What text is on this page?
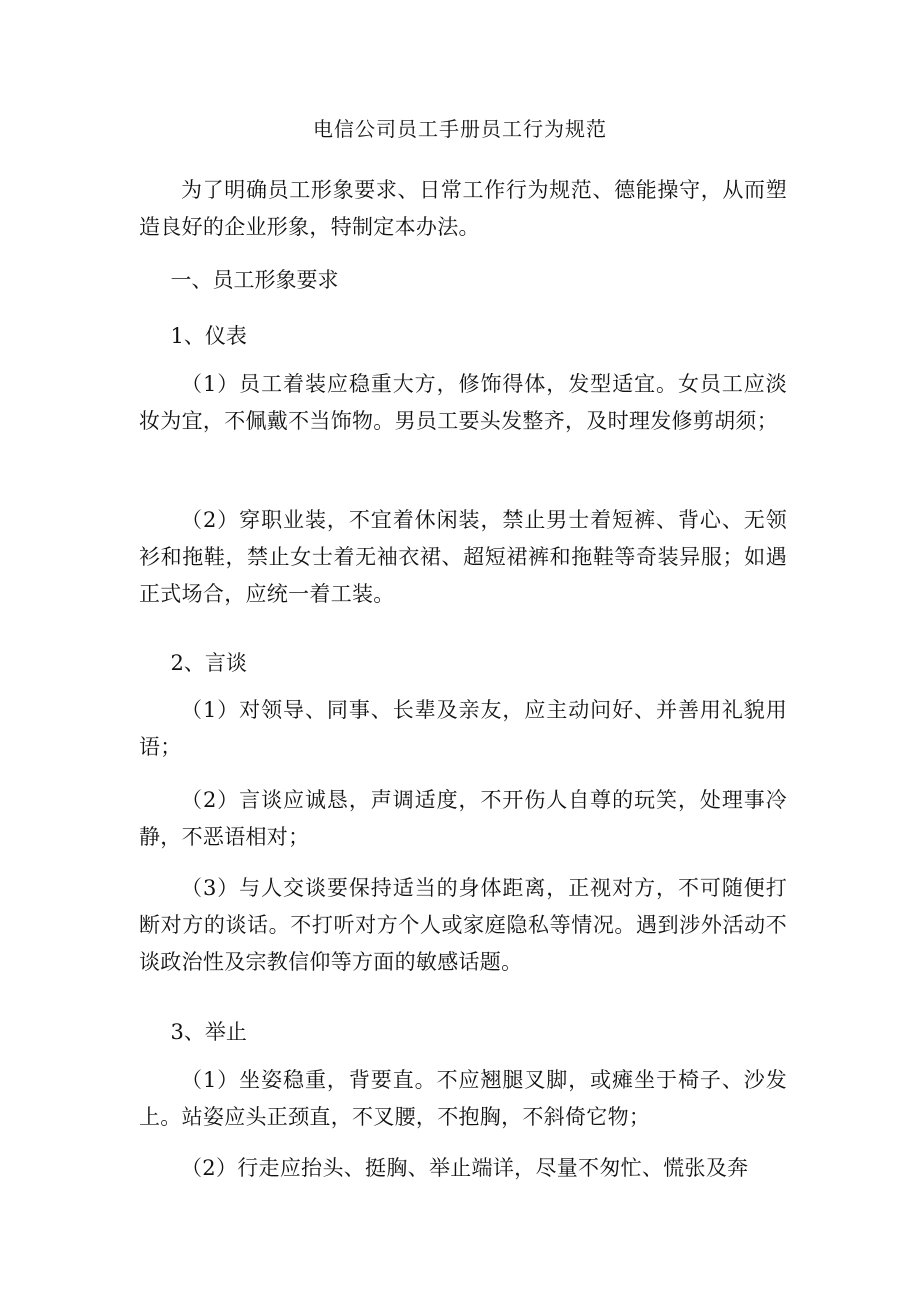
电信公司员工手册员工行为规范

为了明确员工形象要求、日常工作行为规范、德能操守，从而塑造良好的企业形象，特制定本办法。

一、员工形象要求

1、仪表

（1）员工着装应稳重大方，修饰得体，发型适宜。女员工应淡妆为宜，不佩戴不当饰物。男员工要头发整齐，及时理发修剪胡须；

（2）穿职业装，不宜着休闲装，禁止男士着短裤、背心、无领衫和拖鞋，禁止女士着无袖衣裙、超短裙裤和拖鞋等奇装异服；如遇正式场合，应统一着工装。

2、言谈

（1）对领导、同事、长辈及亲友，应主动问好、并善用礼貌用语；

（2）言谈应诚恳，声调适度，不开伤人自尊的玩笑，处理事冷静，不恶语相对；

（3）与人交谈要保持适当的身体距离，正视对方，不可随便打断对方的谈话。不打听对方个人或家庭隐私等情况。遇到涉外活动不谈政治性及宗教信仰等方面的敏感话题。

3、举止

（1）坐姿稳重，背要直。不应翘腿叉脚，或瘫坐于椅子、沙发上。站姿应头正颈直，不叉腰，不抱胸，不斜倚它物；

（2）行走应抬头、挺胸、举止端详，尽量不匆忙、慌张及奔
